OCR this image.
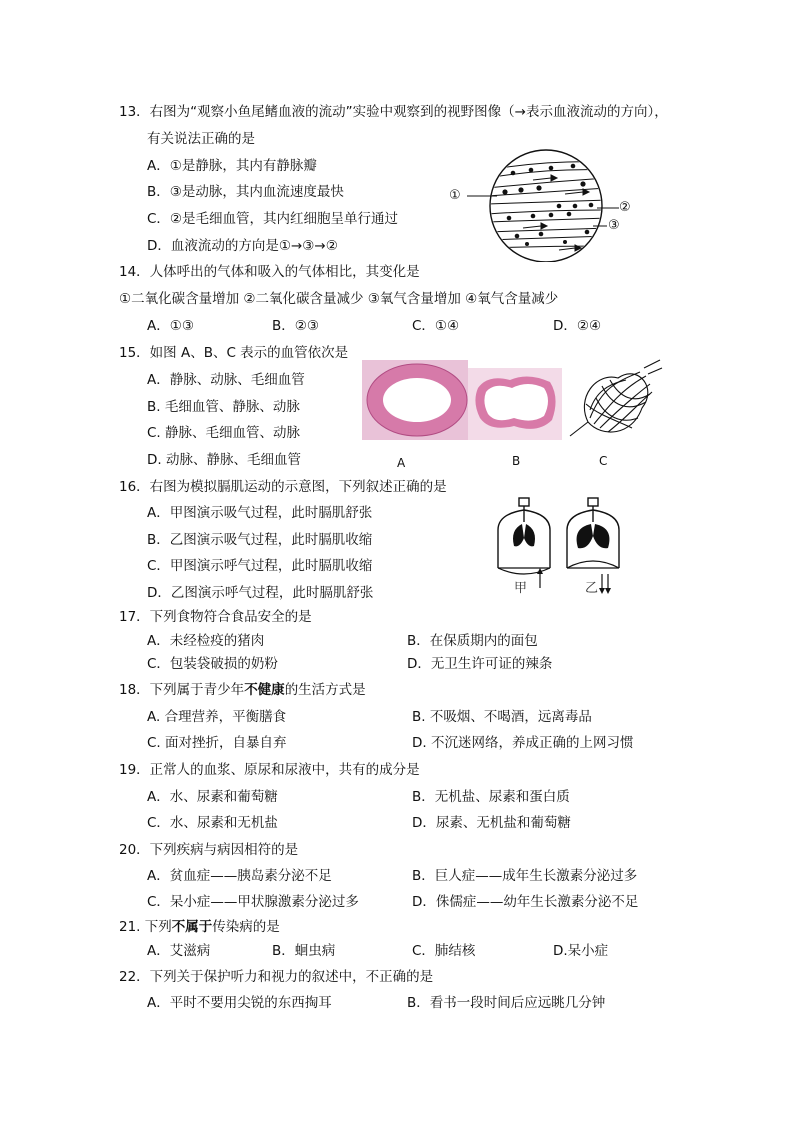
13．右图为“观察小鱼尾鳍血液的流动”实验中观察到的视野图像（→表示血液流动的方向），
有关说法正确的是
A．①是静脉，其内有静脉瓣
B．③是动脉，其内血流速度最快
C．②是毛细血管，其内红细胞呈单行通过
D．血液流动的方向是①→③→②
①
②
③
14．人体呼出的气体和吸入的气体相比，其变化是
①二氧化碳含量增加 ②二氧化碳含量减少 ③氧气含量增加 ④氧气含量减少
A．①③	B．②③	C．①④	D．②④
15．如图 A、B、C 表示的血管依次是
A．静脉、动脉、毛细血管
B. 毛细血管、静脉、动脉
C. 静脉、毛细血管、动脉
D. 动脉、静脉、毛细血管	A	B	C
16．右图为模拟膈肌运动的示意图，下列叙述正确的是
A．甲图演示吸气过程，此时膈肌舒张
B．乙图演示吸气过程，此时膈肌收缩
C．甲图演示呼气过程，此时膈肌收缩
D．乙图演示呼气过程，此时膈肌舒张	甲	乙
17．下列食物符合食品安全的是
A．未经检疫的猪肉	B．在保质期内的面包
C．包装袋破损的奶粉	D．无卫生许可证的辣条
18．下列属于青少年不健康的生活方式是
A. 合理营养，平衡膳食	B. 不吸烟、不喝酒，远离毒品
C. 面对挫折，自暴自弃	D. 不沉迷网络，养成正确的上网习惯
19．正常人的血浆、原尿和尿液中，共有的成分是
A．水、尿素和葡萄糖	B．无机盐、尿素和蛋白质
C．水、尿素和无机盐	D．尿素、无机盐和葡萄糖
20．下列疾病与病因相符的是
A．贫血症——胰岛素分泌不足	B．巨人症——成年生长激素分泌过多
C．呆小症——甲状腺激素分泌过多	D．侏儒症——幼年生长激素分泌不足
21. 下列不属于传染病的是
A．艾滋病	B．蛔虫病	C．肺结核	D.呆小症
22．下列关于保护听力和视力的叙述中，不正确的是
A．平时不要用尖锐的东西掏耳	B．看书一段时间后应远眺几分钟
